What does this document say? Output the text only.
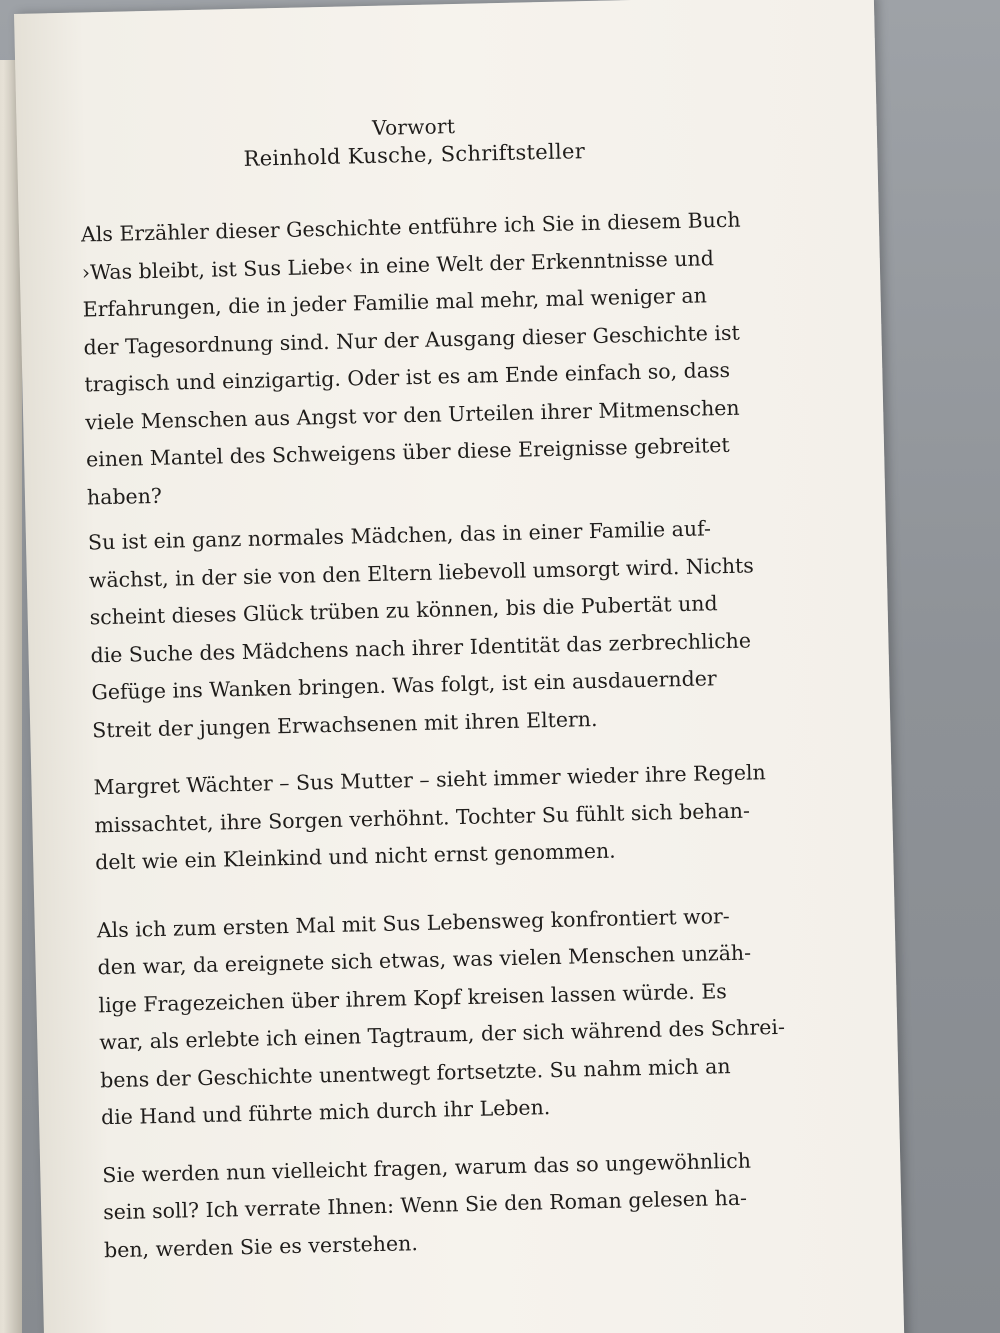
Vorwort
Reinhold Kusche, Schriftsteller

Als Erzähler dieser Geschichte entführe ich Sie in diesem Buch
›Was bleibt, ist Sus Liebe‹ in eine Welt der Erkenntnisse und
Erfahrungen, die in jeder Familie mal mehr, mal weniger an
der Tagesordnung sind. Nur der Ausgang dieser Geschichte ist
tragisch und einzigartig. Oder ist es am Ende einfach so, dass
viele Menschen aus Angst vor den Urteilen ihrer Mitmenschen
einen Mantel des Schweigens über diese Ereignisse gebreitet
haben?

Su ist ein ganz normales Mädchen, das in einer Familie auf-
wächst, in der sie von den Eltern liebevoll umsorgt wird. Nichts
scheint dieses Glück trüben zu können, bis die Pubertät und
die Suche des Mädchens nach ihrer Identität das zerbrechliche
Gefüge ins Wanken bringen. Was folgt, ist ein ausdauernder
Streit der jungen Erwachsenen mit ihren Eltern.

Margret Wächter – Sus Mutter – sieht immer wieder ihre Regeln
missachtet, ihre Sorgen verhöhnt. Tochter Su fühlt sich behan-
delt wie ein Kleinkind und nicht ernst genommen.

Als ich zum ersten Mal mit Sus Lebensweg konfrontiert wor-
den war, da ereignete sich etwas, was vielen Menschen unzäh-
lige Fragezeichen über ihrem Kopf kreisen lassen würde. Es
war, als erlebte ich einen Tagtraum, der sich während des Schrei-
bens der Geschichte unentwegt fortsetzte. Su nahm mich an
die Hand und führte mich durch ihr Leben.

Sie werden nun vielleicht fragen, warum das so ungewöhnlich
sein soll? Ich verrate Ihnen: Wenn Sie den Roman gelesen ha-
ben, werden Sie es verstehen.
